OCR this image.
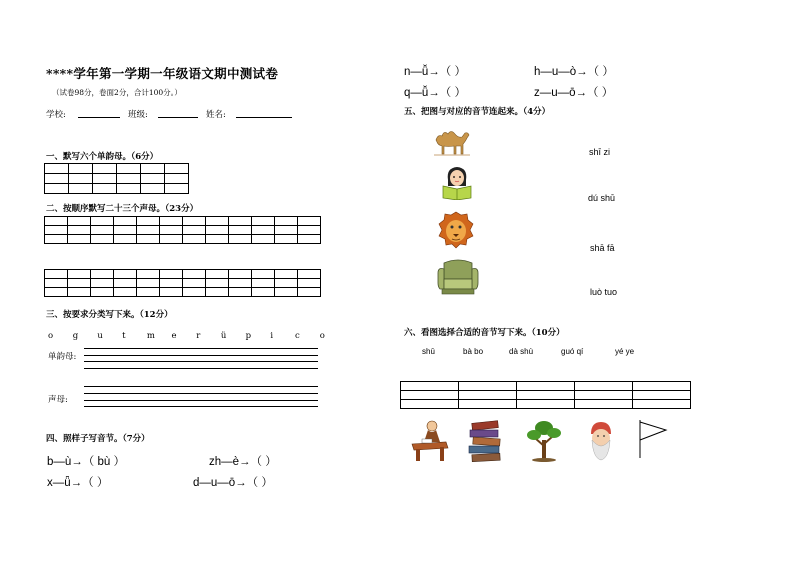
****学年第一学期一年级语文期中测试卷
（试卷98分，卷面2分，合计100分。）
学校:	班级:	姓名:
一、默写六个单韵母。（6分）

二、按顺序默写二十三个声母。（23分）

三、按要求分类写下来。（12分）
o g u t	m e r ü p i	c o
单韵母:
声母:
四、照样子写音节。（7分）
b—ù→（ bù ）	zh—è→（ ）
x—ǖ→（ ）	d—u—ō→（ ）
n—ǚ→（ ）	h—u—ò→（ ）
q—ǚ→（ ）	z—u—ō→（ ）
五、把图与对应的音节连起来。（4分）
shī zi
dú shū
shā fā
luò tuo
六、看图选择合适的音节写下来。（10分）
shū	bà bo	dà shù	guó qí	yé ye
